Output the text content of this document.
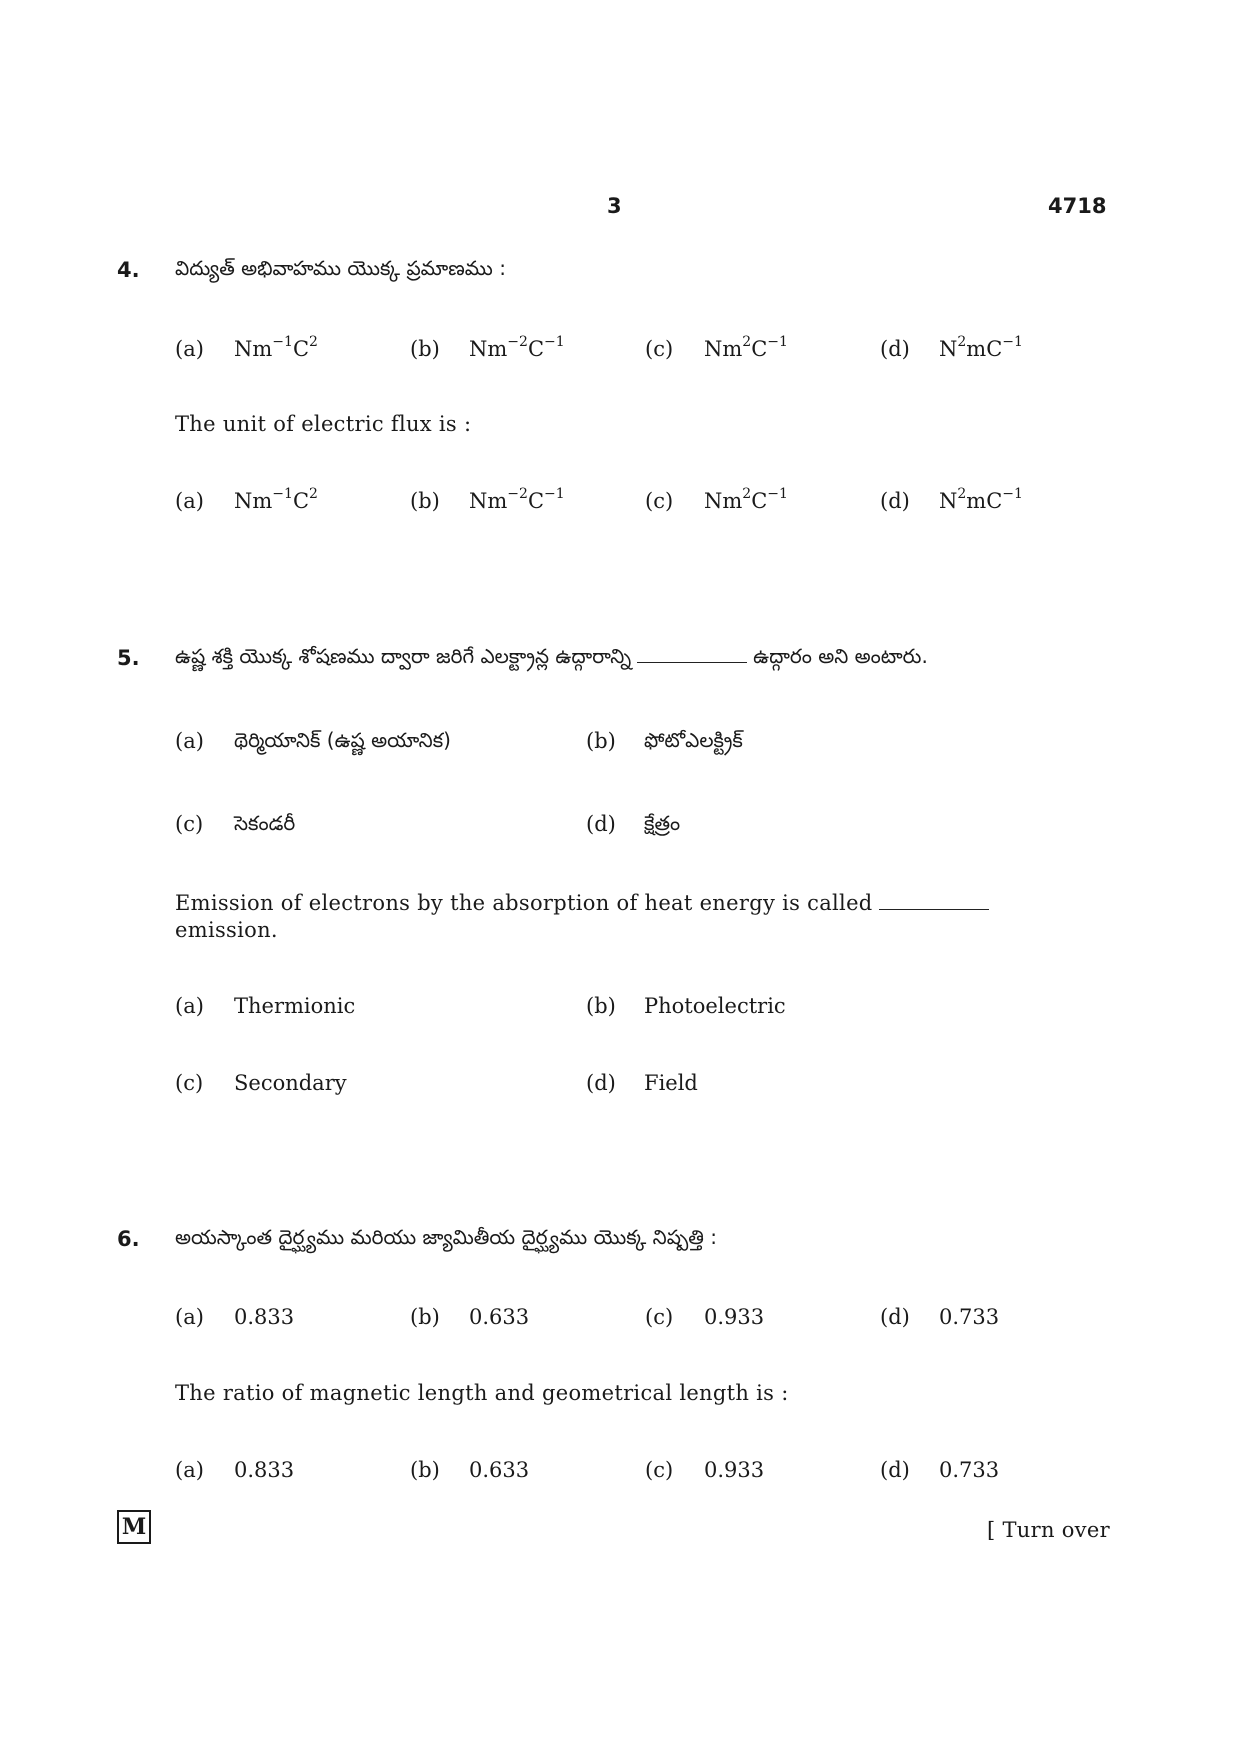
3	4718
4. విద్యుత్ అభివాహము యొక్క ప్రమాణము :
(a) $Nm^{-1}C^2$	(b) $Nm^{-2}C^{-1}$	(c) $Nm^2C^{-1}$	(d) $N^2mC^{-1}$
The unit of electric flux is :
(a) $Nm^{-1}C^2$	(b) $Nm^{-2}C^{-1}$	(c) $Nm^2C^{-1}$	(d) $N^2mC^{-1}$
5. ఉష్ణ శక్తి యొక్క శోషణము ద్వారా జరిగే ఎలక్ట్రాన్ల ఉద్గారాన్ని	ఉద్గారం అని అంటారు.
(a) థెర్మియానిక్ (ఉష్ణ అయానిక)	(b) ఫోటోఎలక్ట్రిక్
(c) సెకండరీ	(d) క్షేత్రం
Emission of electrons by the absorption of heat energy is called
emission.
(a) Thermionic	(b) Photoelectric
(c) Secondary	(d) Field
6. అయస్కాంత దైర్ఘ్యము మరియు జ్యామితీయ దైర్ఘ్యము యొక్క నిష్పత్తి :
(a) 0.833	(b) 0.633	(c) 0.933	(d) 0.733
The ratio of magnetic length and geometrical length is :
(a) 0.833	(b) 0.633	(c) 0.933	(d) 0.733
M	[ Turn over
